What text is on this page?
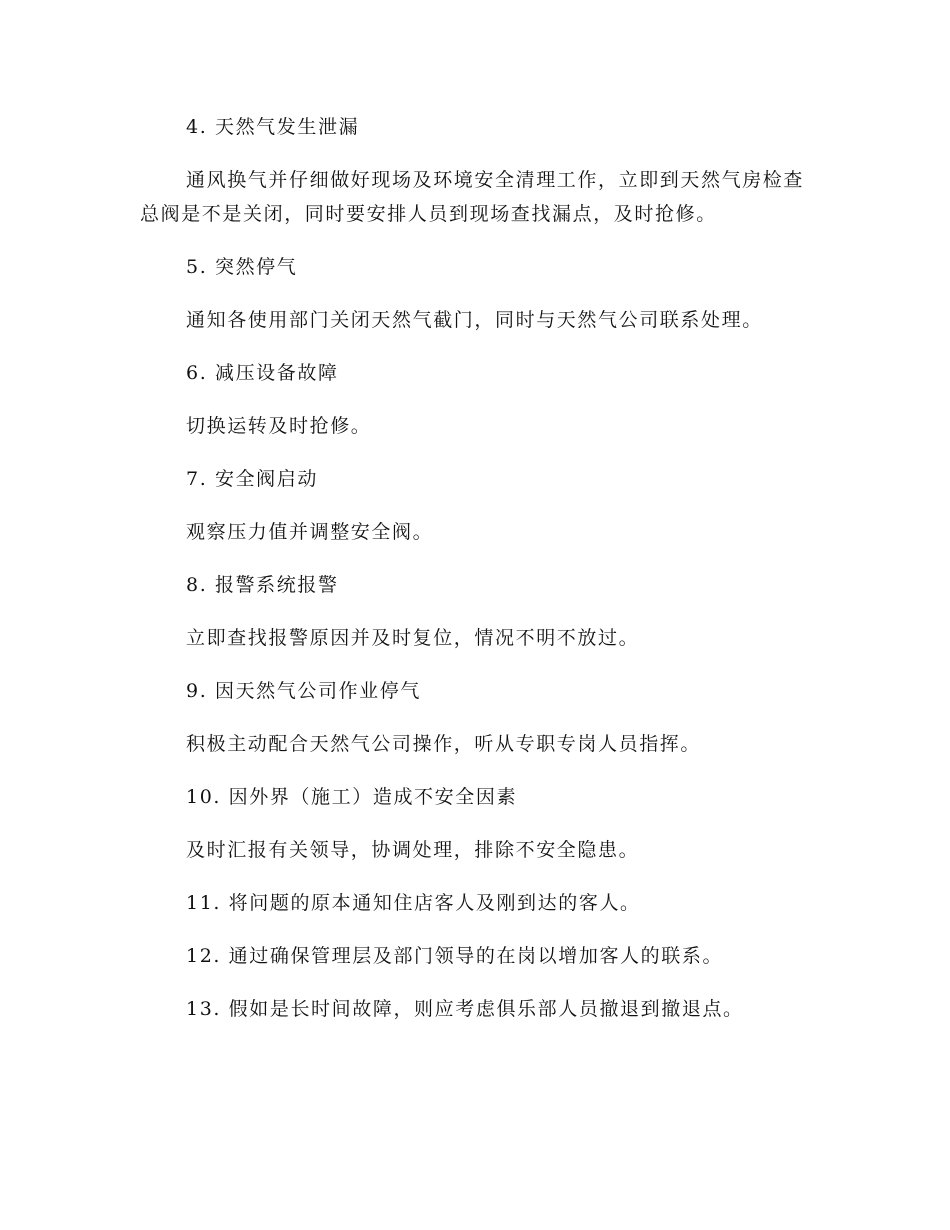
4. 天然气发生泄漏

通风换气并仔细做好现场及环境安全清理工作，立即到天然气房检查总阀是不是关闭，同时要安排人员到现场查找漏点，及时抢修。

5. 突然停气

通知各使用部门关闭天然气截门，同时与天然气公司联系处理。

6. 减压设备故障

切换运转及时抢修。

7. 安全阀启动

观察压力值并调整安全阀。

8. 报警系统报警

立即查找报警原因并及时复位，情况不明不放过。

9. 因天然气公司作业停气

积极主动配合天然气公司操作，听从专职专岗人员指挥。

10. 因外界（施工）造成不安全因素

及时汇报有关领导，协调处理，排除不安全隐患。

11. 将问题的原本通知住店客人及刚到达的客人。

12. 通过确保管理层及部门领导的在岗以增加客人的联系。

13. 假如是长时间故障，则应考虑俱乐部人员撤退到撤退点。
